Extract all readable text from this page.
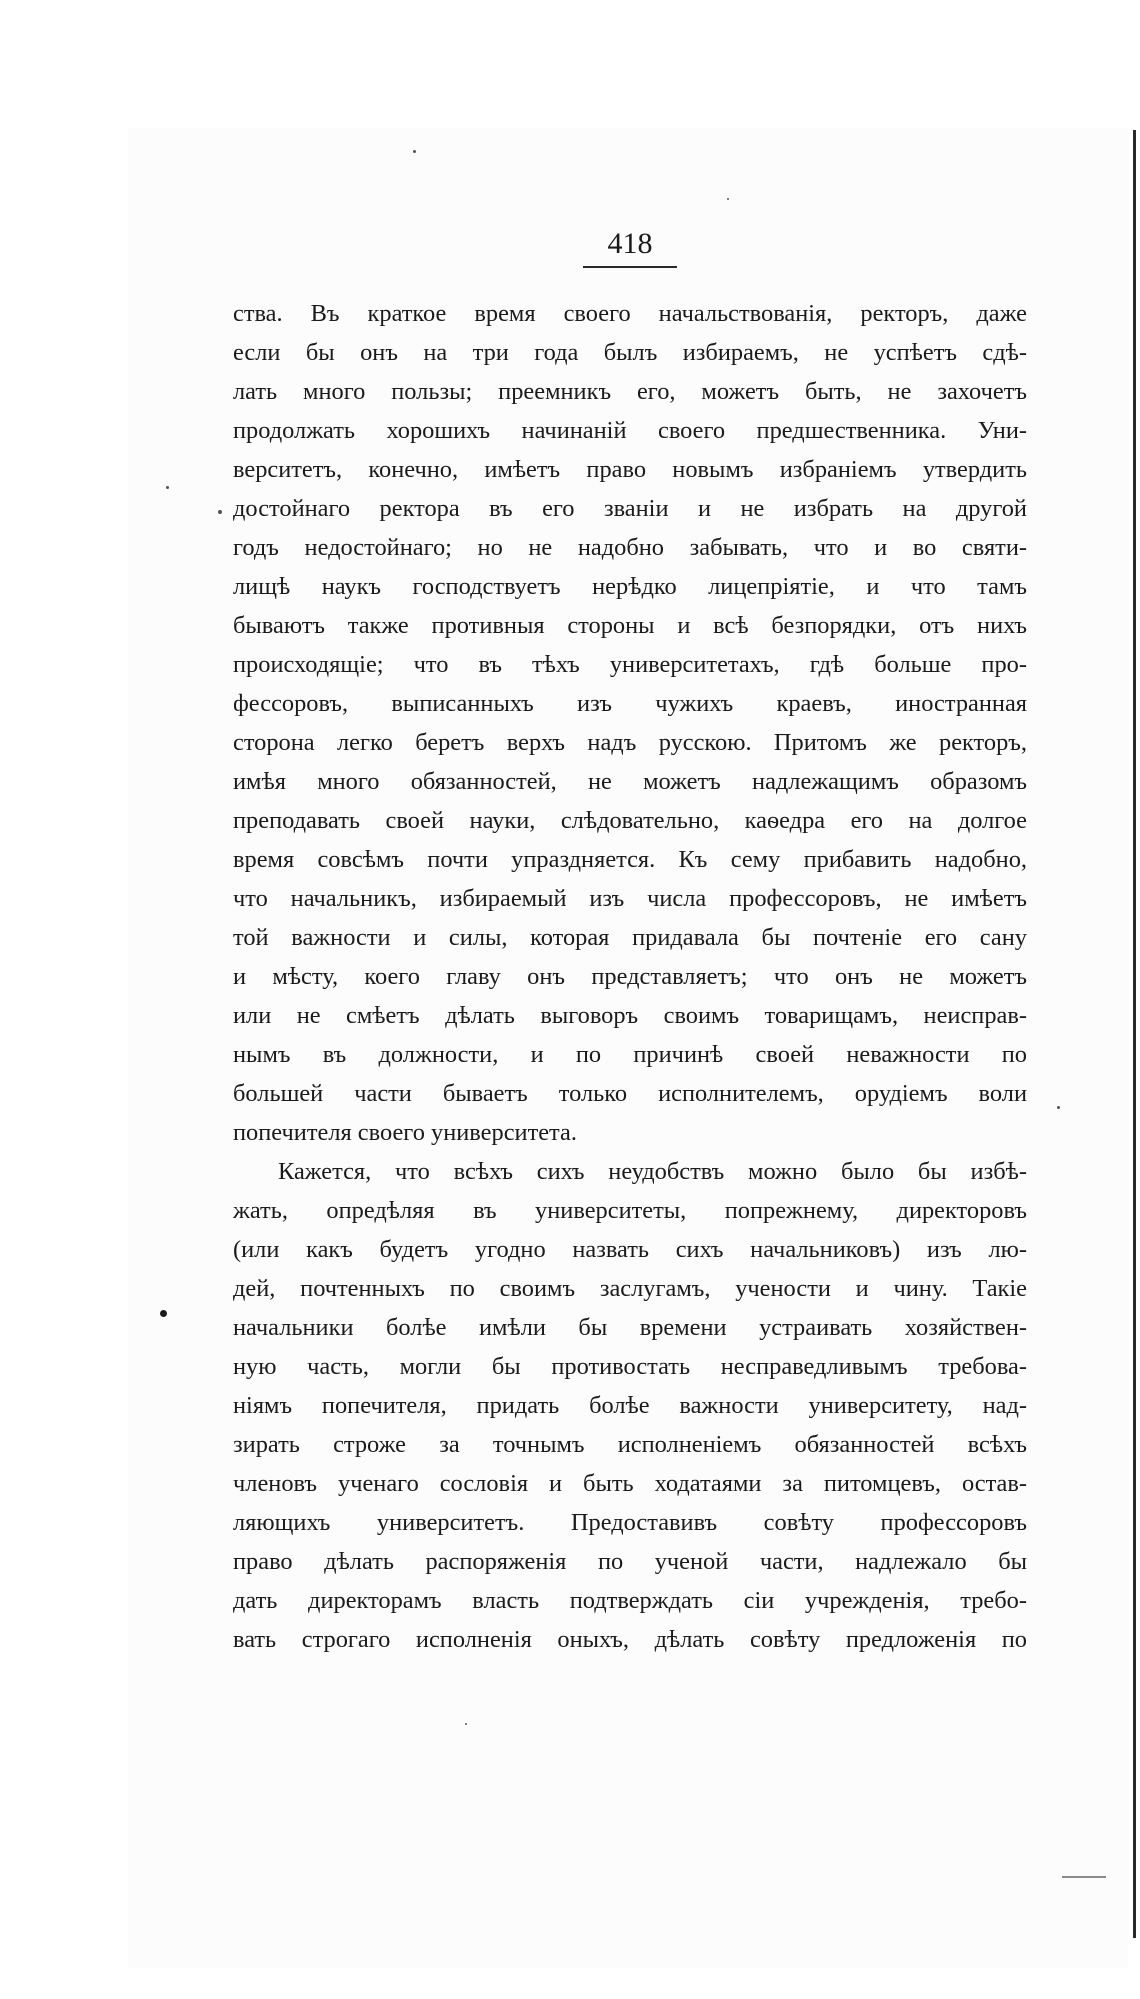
418
ства. Въ краткое время своего начальствованія, ректоръ, даже
если бы онъ на три года былъ избираемъ, не успѣетъ сдѣ-
лать много пользы; преемникъ его, можетъ быть, не захочетъ
продолжать хорошихъ начинаній своего предшественника. Уни-
верситетъ, конечно, имѣетъ право новымъ избраніемъ утвердить
достойнаго ректора въ его званіи и не избрать на другой
годъ недостойнаго; но не надобно забывать, что и во святи-
лищѣ наукъ господствуетъ нерѣдко лицепріятіе, и что тамъ
бываютъ также противныя стороны и всѣ безпорядки, отъ нихъ
происходящіе; что въ тѣхъ университетахъ, гдѣ больше про-
фессоровъ, выписанныхъ изъ чужихъ краевъ, иностранная
сторона легко беретъ верхъ надъ русскою. Притомъ же ректоръ,
имѣя много обязанностей, не можетъ надлежащимъ образомъ
преподавать своей науки, слѣдовательно, каѳедра его на долгое
время совсѣмъ почти упраздняется. Къ сему прибавить надобно,
что начальникъ, избираемый изъ числа профессоровъ, не имѣетъ
той важности и силы, которая придавала бы почтеніе его сану
и мѣсту, коего главу онъ представляетъ; что онъ не можетъ
или не смѣетъ дѣлать выговоръ своимъ товарищамъ, неисправ-
нымъ въ должности, и по причинѣ своей неважности по
большей части бываетъ только исполнителемъ, орудіемъ воли
попечителя своего университета.
Кажется, что всѣхъ сихъ неудобствъ можно было бы избѣ-
жать, опредѣляя въ университеты, попрежнему, директоровъ
(или какъ будетъ угодно назвать сихъ начальниковъ) изъ лю-
дей, почтенныхъ по своимъ заслугамъ, учености и чину. Такіе
начальники болѣе имѣли бы времени устраивать хозяйствен-
ную часть, могли бы противостать несправедливымъ требова-
ніямъ попечителя, придать болѣе важности университету, над-
зирать строже за точнымъ исполненіемъ обязанностей всѣхъ
членовъ ученаго сословія и быть ходатаями за питомцевъ, остав-
ляющихъ университетъ. Предоставивъ совѣту профессоровъ
право дѣлать распоряженія по ученой части, надлежало бы
дать директорамъ власть подтверждать сіи учрежденія, требо-
вать строгаго исполненія оныхъ, дѣлать совѣту предложенія по
